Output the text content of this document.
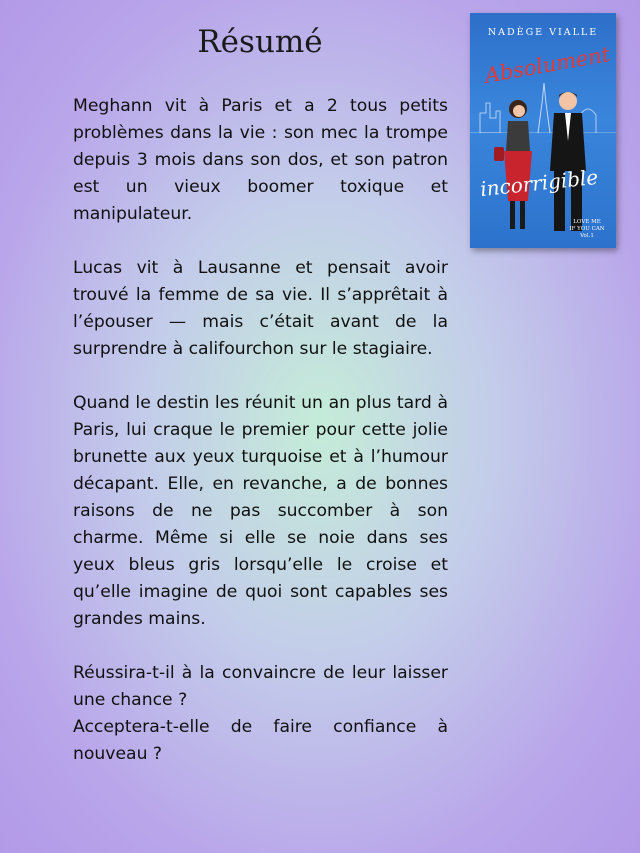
Résumé

Meghann vit à Paris et a 2 tous petits problèmes dans la vie : son mec la trompe depuis 3 mois dans son dos, et son patron est un vieux boomer toxique et manipulateur.

Lucas vit à Lausanne et pensait avoir trouvé la femme de sa vie. Il s’apprêtait à l’épouser — mais c’était avant de la surprendre à califourchon sur le stagiaire.

Quand le destin les réunit un an plus tard à Paris, lui craque le premier pour cette jolie brunette aux yeux turquoise et à l’humour décapant. Elle, en revanche, a de bonnes raisons de ne pas succomber à son charme. Même si elle se noie dans ses yeux bleus gris lorsqu’elle le croise et qu’elle imagine de quoi sont capables ses grandes mains.

Réussira-t-il à la convaincre de leur laisser une chance ?

Acceptera-t-elle de faire confiance à nouveau ?

NADÈGE VIALLE
Absolument
incorrigible
LOVE ME
IF YOU CAN
Vol.1
